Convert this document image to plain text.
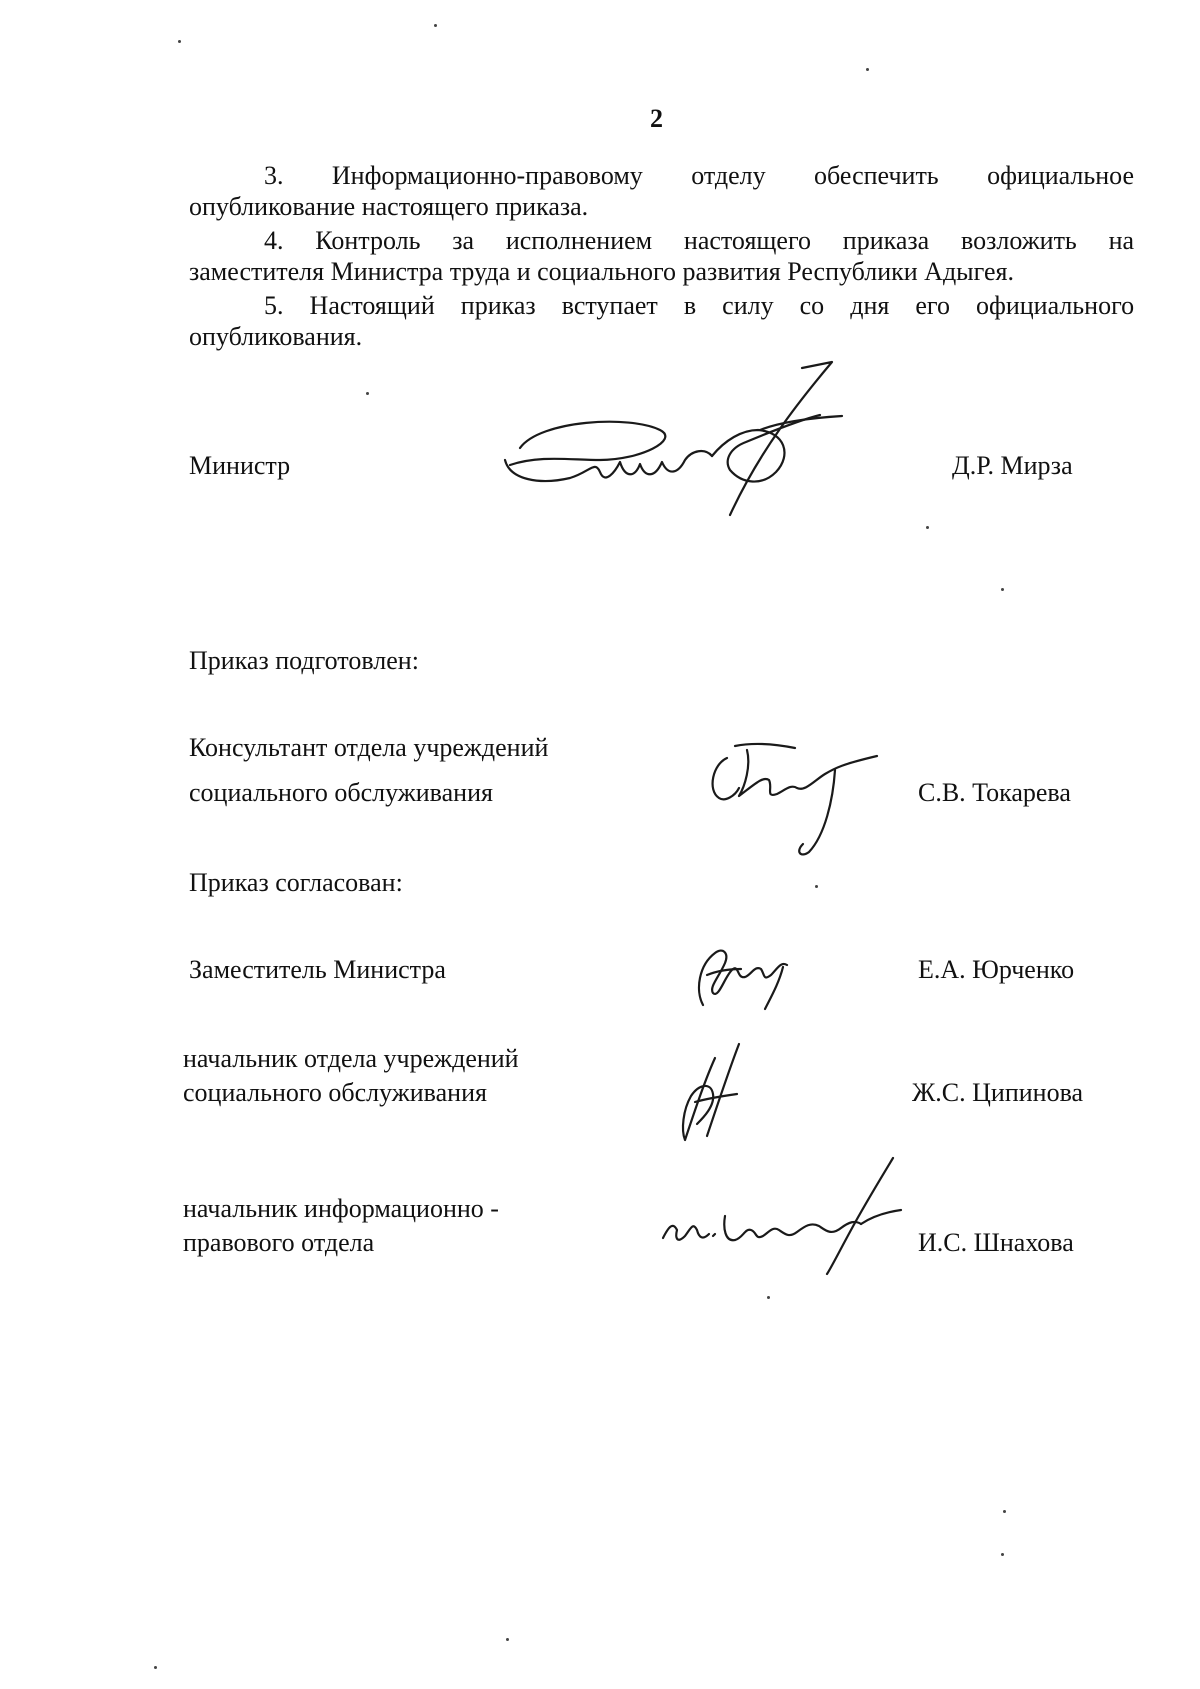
2
3. Информационно-правовому отделу обеспечить официальное
опубликование настоящего приказа.
4. Контроль за исполнением настоящего приказа возложить на
заместителя Министра труда и социального развития Республики Адыгея.
5. Настоящий приказ вступает в силу со дня его официального
опубликования.
Министр	Д.Р. Мирза
Приказ подготовлен:
Консультант отдела учреждений
социального обслуживания	С.В. Токарева
Приказ согласован:
Заместитель Министра	Е.А. Юрченко
начальник отдела учреждений
социального обслуживания	Ж.С. Ципинова
начальник информационно -
правового отдела	И.С. Шнахова
